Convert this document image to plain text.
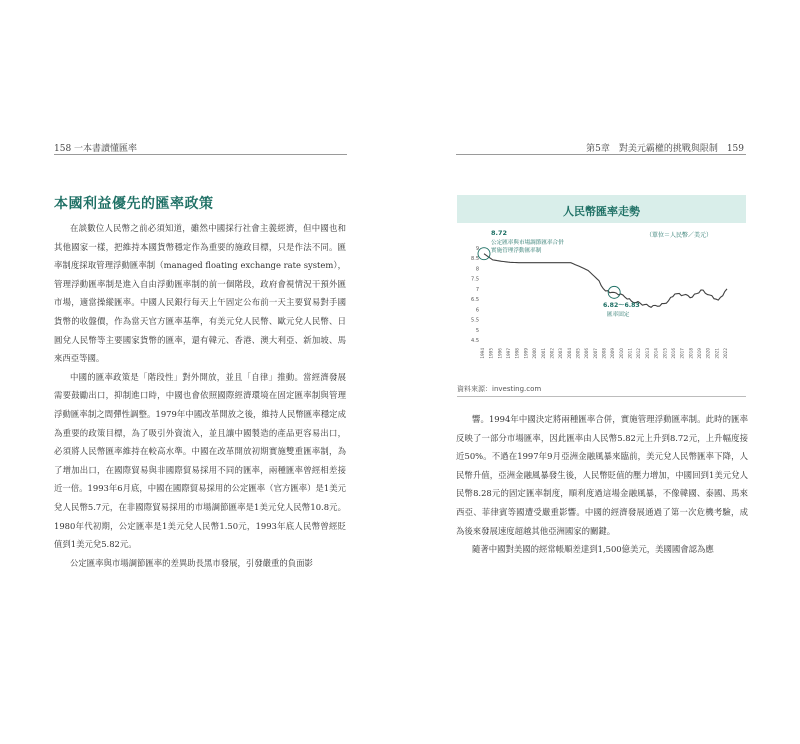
158 一本書讀懂匯率
本國利益優先的匯率政策

在談數位人民幣之前必須知道，雖然中國採行社會主義經濟，但中國也和其他國家一樣，把維持本國貨幣穩定作為重要的施政目標，只是作法不同。匯率制度採取管理浮動匯率制（managed floating exchange rate system），管理浮動匯率制是進入自由浮動匯率制的前一個階段，政府會視情況干預外匯市場，適當操縱匯率。中國人民銀行每天上午固定公布前一天主要貿易對手國貨幣的收盤價，作為當天官方匯率基準，有美元兌人民幣、歐元兌人民幣、日圓兌人民幣等主要國家貨幣的匯率，還有韓元、香港、澳大利亞、新加坡、馬來西亞等國。

中國的匯率政策是「階段性」對外開放，並且「自律」推動。當經濟發展需要鼓勵出口，抑制進口時，中國也會依照國際經濟環境在固定匯率制與管理浮動匯率制之間彈性調整。1979年中國改革開放之後，維持人民幣匯率穩定成為重要的政策目標，為了吸引外資流入，並且讓中國製造的產品更容易出口，必須將人民幣匯率維持在較高水準。中國在改革開放初期實施雙重匯率制，為了增加出口，在國際貿易與非國際貿易採用不同的匯率，兩種匯率曾經相差接近一倍。1993年6月底，中國在國際貿易採用的公定匯率（官方匯率）是1美元兌人民幣5.7元，在非國際貿易採用的市場調節匯率是1美元兌人民幣10.8元。1980年代初期，公定匯率是1美元兌人民幣1.50元，1993年底人民幣曾經貶值到1美元兌5.82元。

公定匯率與市場調節匯率的差異助長黑市發展，引發嚴重的負面影

第5章　對美元霸權的挑戰與限制　159
人民幣匯率走勢
9
8.5
8
7.5
7
6.5
6
5.5
5
4.5
1994 1995 1996 1997 1998 1999 2000 2001 2002 2003 2004 2005 2006 2007 2008 2009 2010 2011 2012 2013 2014 2015 2016 2017 2018 2019 2020 2021 2022
（單位＝人民幣／美元）
8.72
公定匯率與市場調節匯率合併
實施管理浮動匯率制
6.82～6.83
匯率固定
資料來源：investing.com

響。1994年中國決定將兩種匯率合併，實施管理浮動匯率制。此時的匯率反映了一部分市場匯率，因此匯率由人民幣5.82元上升到8.72元，上升幅度接近50%。不過在1997年9月亞洲金融風暴來臨前，美元兌人民幣匯率下降，人民幣升值，亞洲金融風暴發生後，人民幣貶值的壓力增加，中國回到1美元兌人民幣8.28元的固定匯率制度，順利度過這場金融風暴，不像韓國、泰國、馬來西亞、菲律賓等國遭受嚴重影響。中國的經濟發展通過了第一次危機考驗，成為後來發展速度超越其他亞洲國家的關鍵。

隨著中國對美國的經常帳順差達到1,500億美元，美國國會認為應
